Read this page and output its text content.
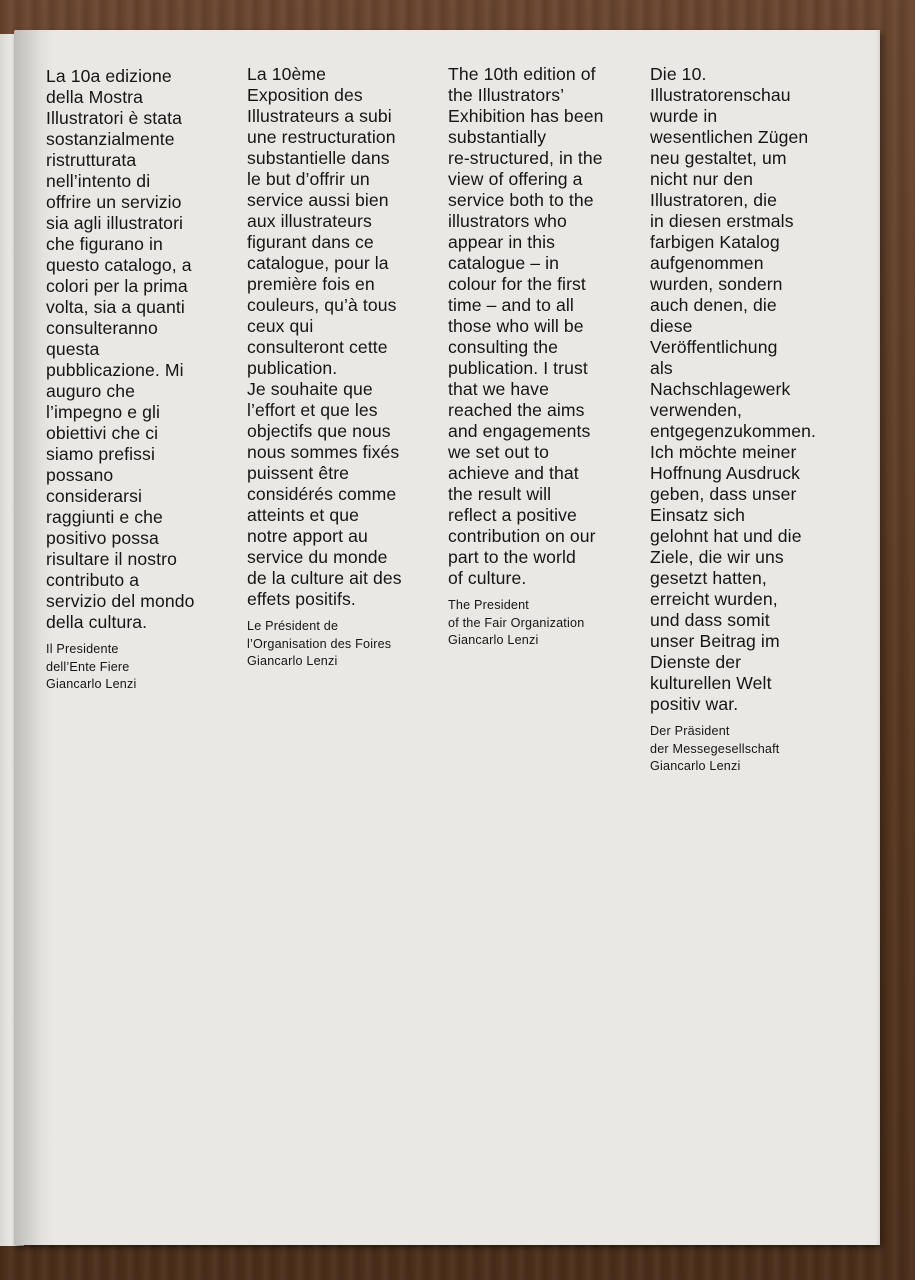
La 10a edizione
della Mostra
Illustratori è stata
sostanzialmente
ristrutturata
nell’intento di
offrire un servizio
sia agli illustratori
che figurano in
questo catalogo, a
colori per la prima
volta, sia a quanti
consulteranno
questa
pubblicazione. Mi
auguro che
l’impegno e gli
obiettivi che ci
siamo prefissi
possano
considerarsi
raggiunti e che
positivo possa
risultare il nostro
contributo a
servizio del mondo
della cultura.
Il Presidente
dell’Ente Fiere
Giancarlo Lenzi
La 10ème
Exposition des
Illustrateurs a subi
une restructuration
substantielle dans
le but d’offrir un
service aussi bien
aux illustrateurs
figurant dans ce
catalogue, pour la
première fois en
couleurs, qu’à tous
ceux qui
consulteront cette
publication.
Je souhaite que
l’effort et que les
objectifs que nous
nous sommes fixés
puissent être
considérés comme
atteints et que
notre apport au
service du monde
de la culture ait des
effets positifs.
Le Président de
l’Organisation des Foires
Giancarlo Lenzi
The 10th edition of
the Illustrators’
Exhibition has been
substantially
re-structured, in the
view of offering a
service both to the
illustrators who
appear in this
catalogue – in
colour for the first
time – and to all
those who will be
consulting the
publication. I trust
that we have
reached the aims
and engagements
we set out to
achieve and that
the result will
reflect a positive
contribution on our
part to the world
of culture.
The President
of the Fair Organization
Giancarlo Lenzi
Die 10.
Illustratorenschau
wurde in
wesentlichen Zügen
neu gestaltet, um
nicht nur den
Illustratoren, die
in diesen erstmals
farbigen Katalog
aufgenommen
wurden, sondern
auch denen, die
diese
Veröffentlichung
als
Nachschlagewerk
verwenden,
entgegenzukommen.
Ich möchte meiner
Hoffnung Ausdruck
geben, dass unser
Einsatz sich
gelohnt hat und die
Ziele, die wir uns
gesetzt hatten,
erreicht wurden,
und dass somit
unser Beitrag im
Dienste der
kulturellen Welt
positiv war.
Der Präsident
der Messegesellschaft
Giancarlo Lenzi
